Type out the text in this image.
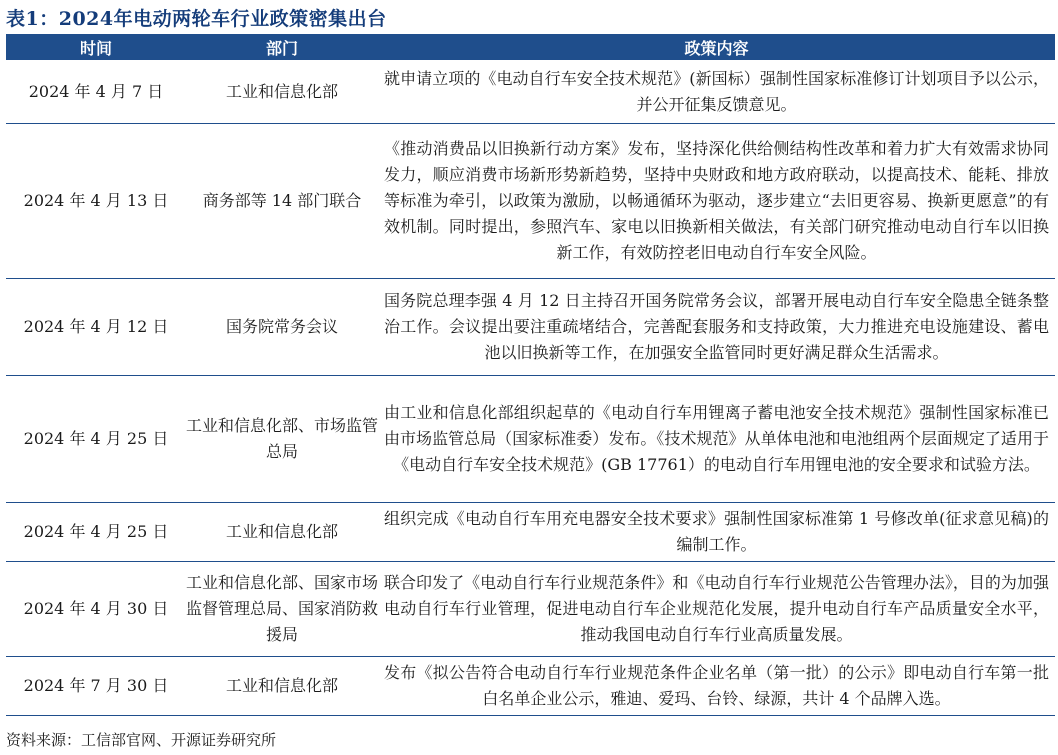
表1：2024年电动两轮车行业政策密集出台
时间	部门	政策内容
2024 年 4 月 7 日	工业和信息化部
就申请立项的《电动自行车安全技术规范》(新国标）强制性国家标准修订计划项目予以公示，并公开征集反馈意见。
2024 年 4 月 13 日	商务部等 14 部门联合
《推动消费品以旧换新行动方案》发布，坚持深化供给侧结构性改革和着力扩大有效需求协同发力，顺应消费市场新形势新趋势，坚持中央财政和地方政府联动，以提高技术、能耗、排放等标准为牵引，以政策为激励，以畅通循环为驱动，逐步建立“去旧更容易、换新更愿意”的有效机制。同时提出，参照汽车、家电以旧换新相关做法，有关部门研究推动电动自行车以旧换新工作，有效防控老旧电动自行车安全风险。
2024 年 4 月 12 日	国务院常务会议
国务院总理李强 4 月 12 日主持召开国务院常务会议，部署开展电动自行车安全隐患全链条整治工作。会议提出要注重疏堵结合，完善配套服务和支持政策，大力推进充电设施建设、蓄电池以旧换新等工作，在加强安全监管同时更好满足群众生活需求。
2024 年 4 月 25 日
工业和信息化部、市场监管总局
由工业和信息化部组织起草的《电动自行车用锂离子蓄电池安全技术规范》强制性国家标准已由市场监管总局（国家标准委）发布。《技术规范》从单体电池和电池组两个层面规定了适用于《电动自行车安全技术规范》(GB 17761）的电动自行车用锂电池的安全要求和试验方法。
2024 年 4 月 25 日	工业和信息化部
组织完成《电动自行车用充电器安全技术要求》强制性国家标准第 1 号修改单(征求意见稿)的编制工作。
2024 年 4 月 30 日
工业和信息化部、国家市场监督管理总局、国家消防救援局
联合印发了《电动自行车行业规范条件》和《电动自行车行业规范公告管理办法》，目的为加强电动自行车行业管理，促进电动自行车企业规范化发展，提升电动自行车产品质量安全水平，推动我国电动自行车行业高质量发展。
2024 年 7 月 30 日	工业和信息化部
发布《拟公告符合电动自行车行业规范条件企业名单（第一批）的公示》即电动自行车第一批白名单企业公示，雅迪、爱玛、台铃、绿源，共计 4 个品牌入选。
资料来源：工信部官网、开源证券研究所
